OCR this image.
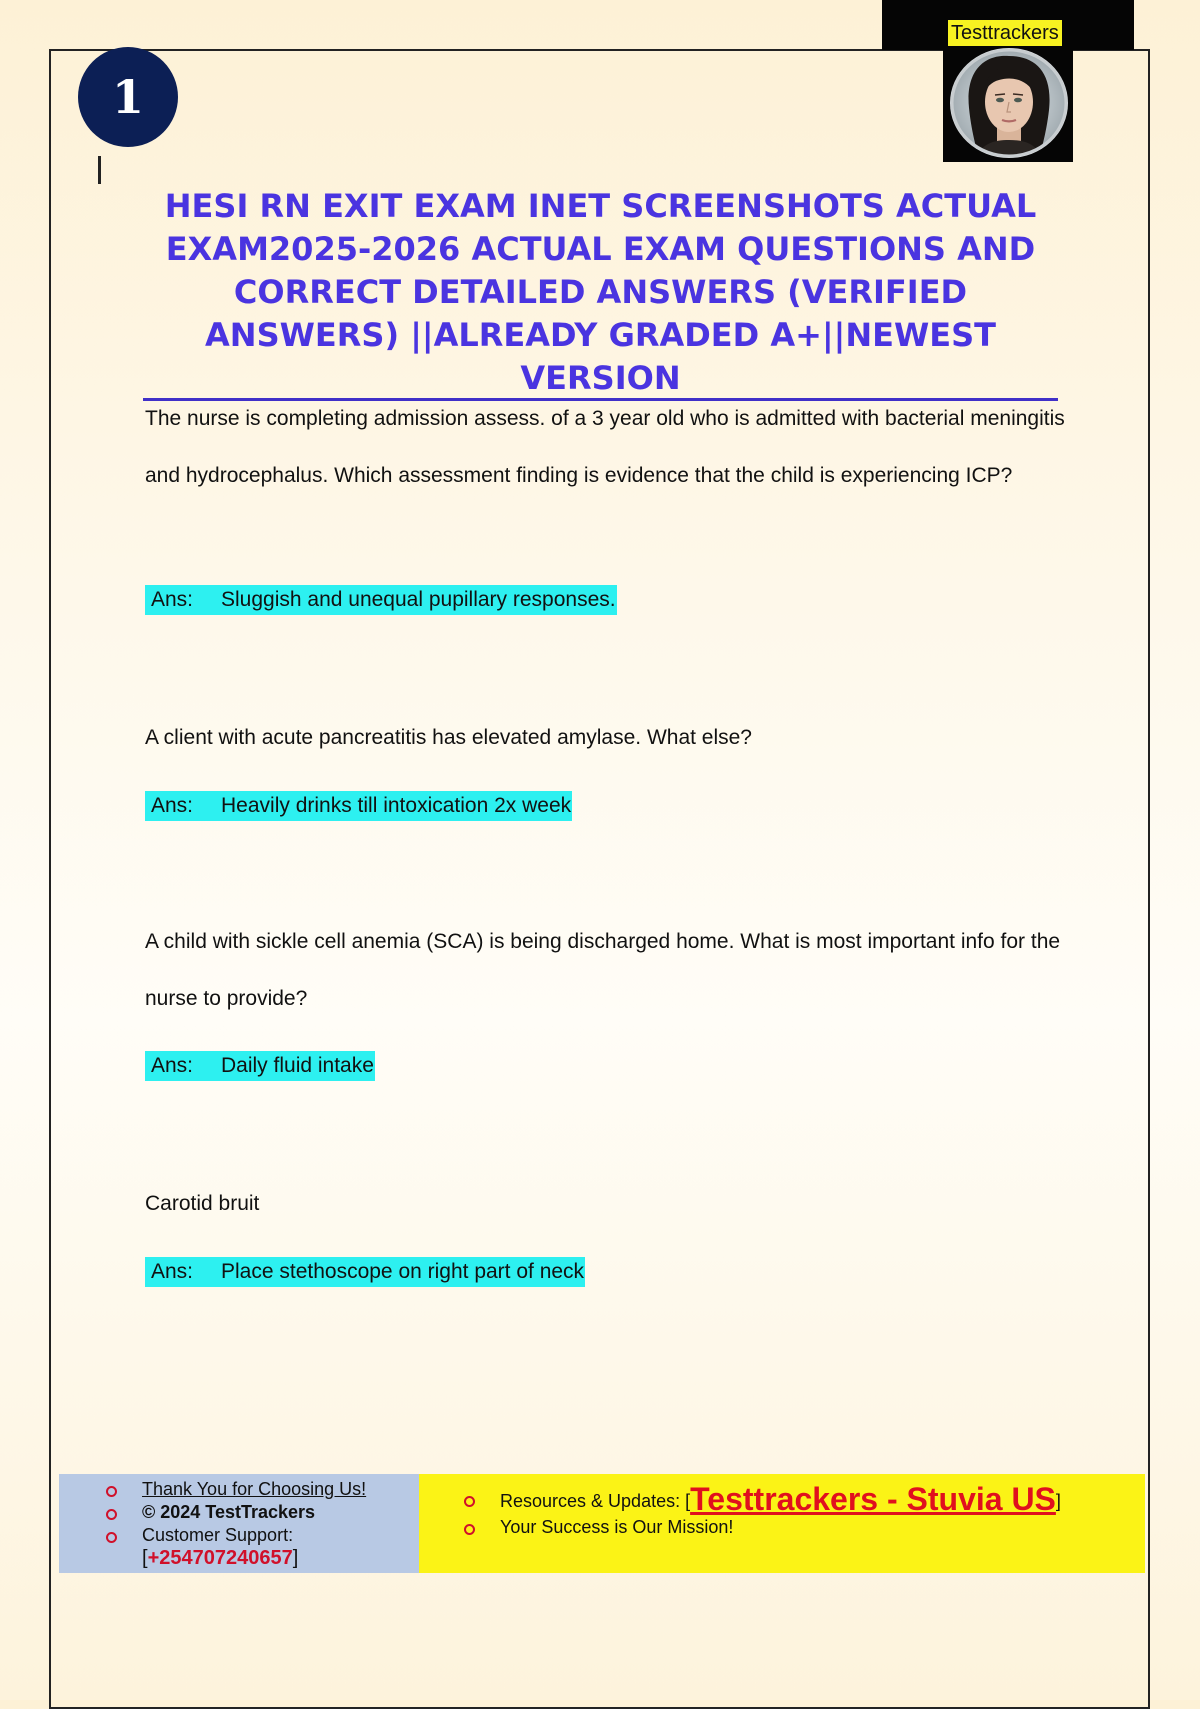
Testtrackers
1
HESI RN EXIT EXAM INET SCREENSHOTS ACTUAL EXAM2025-2026 ACTUAL EXAM QUESTIONS AND CORRECT DETAILED ANSWERS (VERIFIED ANSWERS) ||ALREADY GRADED A+||NEWEST VERSION
The nurse is completing admission assess. of a 3 year old who is admitted with bacterial meningitis and hydrocephalus. Which assessment finding is evidence that the child is experiencing ICP?
Ans: Sluggish and unequal pupillary responses.
A client with acute pancreatitis has elevated amylase. What else?
Ans: Heavily drinks till intoxication 2x week
A child with sickle cell anemia (SCA) is being discharged home. What is most important info for the nurse to provide?
Ans: Daily fluid intake
Carotid bruit
Ans: Place stethoscope on right part of neck
Thank You for Choosing Us!
© 2024 TestTrackers
Customer Support:
[+254707240657]
Resources & Updates: [Testtrackers - Stuvia US]
Your Success is Our Mission!
